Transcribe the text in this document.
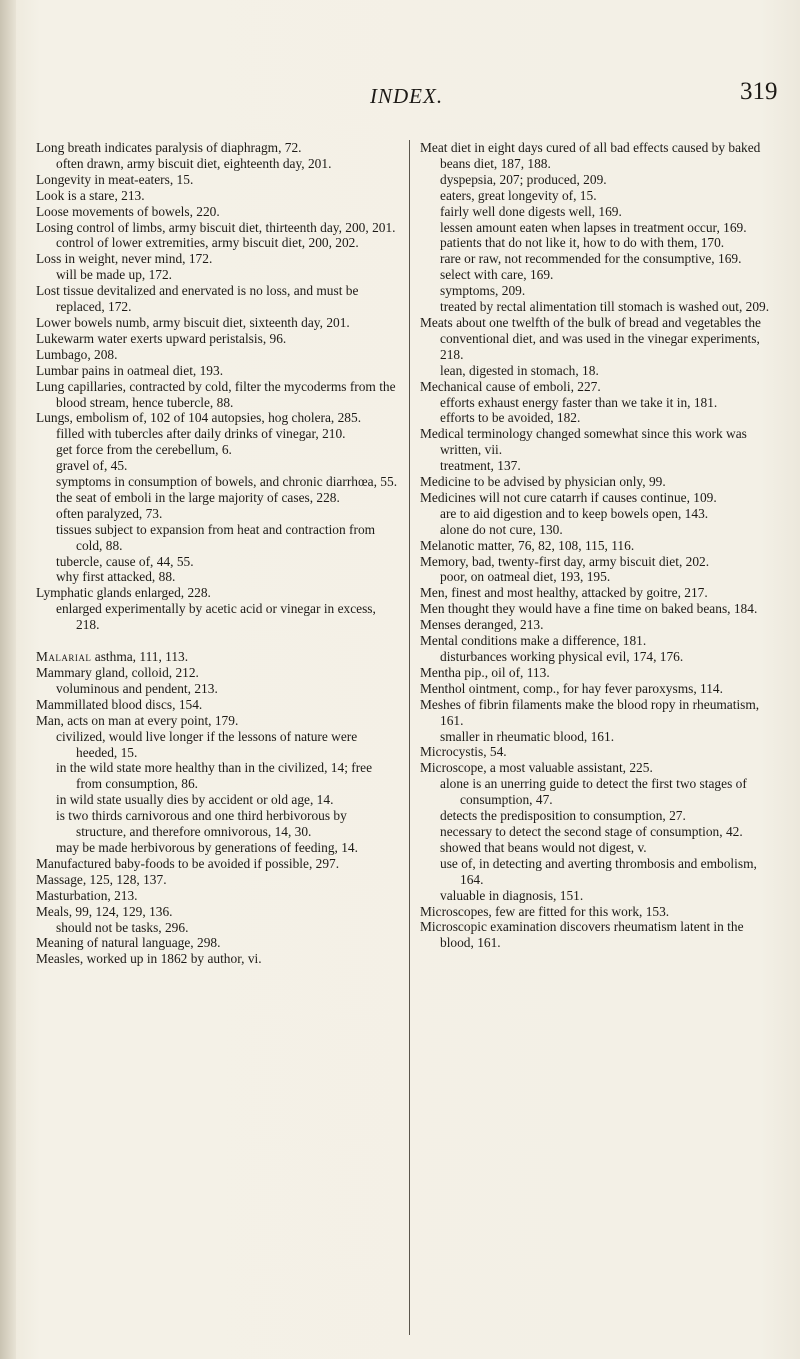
INDEX.	319

Long breath indicates paralysis of diaphragm, 72.

often drawn, army biscuit diet, eighteenth day, 201.

Longevity in meat-eaters, 15.

Look is a stare, 213.

Loose movements of bowels, 220.

Losing control of limbs, army biscuit diet, thirteenth day, 200, 201.

control of lower extremities, army biscuit diet, 200, 202.

Loss in weight, never mind, 172.

will be made up, 172.

Lost tissue devitalized and enervated is no loss, and must be replaced, 172.

Lower bowels numb, army biscuit diet, sixteenth day, 201.

Lukewarm water exerts upward peristalsis, 96.

Lumbago, 208.

Lumbar pains in oatmeal diet, 193.

Lung capillaries, contracted by cold, filter the mycoderms from the blood stream, hence tubercle, 88.

Lungs, embolism of, 102 of 104 autopsies, hog cholera, 285.

filled with tubercles after daily drinks of vinegar, 210.

get force from the cerebellum, 6.

gravel of, 45.

symptoms in consumption of bowels, and chronic diarrhœa, 55.

the seat of emboli in the large majority of cases, 228.

often paralyzed, 73.

tissues subject to expansion from heat and contraction from cold, 88.

tubercle, cause of, 44, 55.

why first attacked, 88.

Lymphatic glands enlarged, 228.

enlarged experimentally by acetic acid or vinegar in excess, 218.

Malarial asthma, 111, 113.

Mammary gland, colloid, 212.

voluminous and pendent, 213.

Mammillated blood discs, 154.

Man, acts on man at every point, 179.

civilized, would live longer if the lessons of nature were heeded, 15.

in the wild state more healthy than in the civilized, 14; free from consumption, 86.

in wild state usually dies by accident or old age, 14.

is two thirds carnivorous and one third herbivorous by structure, and therefore omnivorous, 14, 30.

may be made herbivorous by generations of feeding, 14.

Manufactured baby-foods to be avoided if possible, 297.

Massage, 125, 128, 137.

Masturbation, 213.

Meals, 99, 124, 129, 136.

should not be tasks, 296.

Meaning of natural language, 298.

Measles, worked up in 1862 by author, vi.

Meat diet in eight days cured of all bad effects caused by baked beans diet, 187, 188.

dyspepsia, 207; produced, 209.

eaters, great longevity of, 15.

fairly well done digests well, 169.

lessen amount eaten when lapses in treatment occur, 169.

patients that do not like it, how to do with them, 170.

rare or raw, not recommended for the consumptive, 169.

select with care, 169.

symptoms, 209.

treated by rectal alimentation till stomach is washed out, 209.

Meats about one twelfth of the bulk of bread and vegetables the conventional diet, and was used in the vinegar experiments, 218.

lean, digested in stomach, 18.

Mechanical cause of emboli, 227.

efforts exhaust energy faster than we take it in, 181.

efforts to be avoided, 182.

Medical terminology changed somewhat since this work was written, vii.

treatment, 137.

Medicine to be advised by physician only, 99.

Medicines will not cure catarrh if causes continue, 109.

are to aid digestion and to keep bowels open, 143.

alone do not cure, 130.

Melanotic matter, 76, 82, 108, 115, 116.

Memory, bad, twenty-first day, army biscuit diet, 202.

poor, on oatmeal diet, 193, 195.

Men, finest and most healthy, attacked by goitre, 217.

Men thought they would have a fine time on baked beans, 184.

Menses deranged, 213.

Mental conditions make a difference, 181.

disturbances working physical evil, 174, 176.

Mentha pip., oil of, 113.

Menthol ointment, comp., for hay fever paroxysms, 114.

Meshes of fibrin filaments make the blood ropy in rheumatism, 161.

smaller in rheumatic blood, 161.

Microcystis, 54.

Microscope, a most valuable assistant, 225.

alone is an unerring guide to detect the first two stages of consumption, 47.

detects the predisposition to consumption, 27.

necessary to detect the second stage of consumption, 42.

showed that beans would not digest, v.

use of, in detecting and averting thrombosis and embolism, 164.

valuable in diagnosis, 151.

Microscopes, few are fitted for this work, 153.

Microscopic examination discovers rheumatism latent in the blood, 161.
